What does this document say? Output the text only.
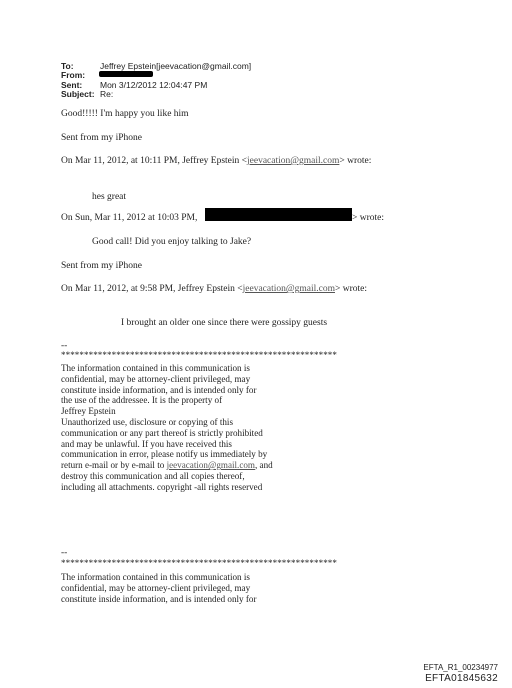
To:	Jeffrey Epstein[jeevacation@gmail.com]
From:
Sent: Mon 3/12/2012 12:04:47 PM
Subject: Re:
Good!!!!! I'm happy you like him
Sent from my iPhone
On Mar 11, 2012, at 10:11 PM, Jeffrey Epstein <jeevacation@gmail.com> wrote:
hes great
On Sun, Mar 11, 2012 at 10:03 PM,	> wrote:
Good call! Did you enjoy talking to Jake?
Sent from my iPhone
On Mar 11, 2012, at 9:58 PM, Jeffrey Epstein <jeevacation@gmail.com> wrote:
I brought an older one since there were gossipy guests
--
************************************************************
The information contained in this communication is
confidential, may be attorney-client privileged, may
constitute inside information, and is intended only for
the use of the addressee. It is the property of
Jeffrey Epstein
Unauthorized use, disclosure or copying of this
communication or any part thereof is strictly prohibited
and may be unlawful. If you have received this
communication in error, please notify us immediately by
return e-mail or by e-mail to jeevacation@gmail.com, and
destroy this communication and all copies thereof,
including all attachments. copyright -all rights reserved
--
************************************************************
The information contained in this communication is
confidential, may be attorney-client privileged, may
constitute inside information, and is intended only for
EFTA_R1_00234977
EFTA01845632
